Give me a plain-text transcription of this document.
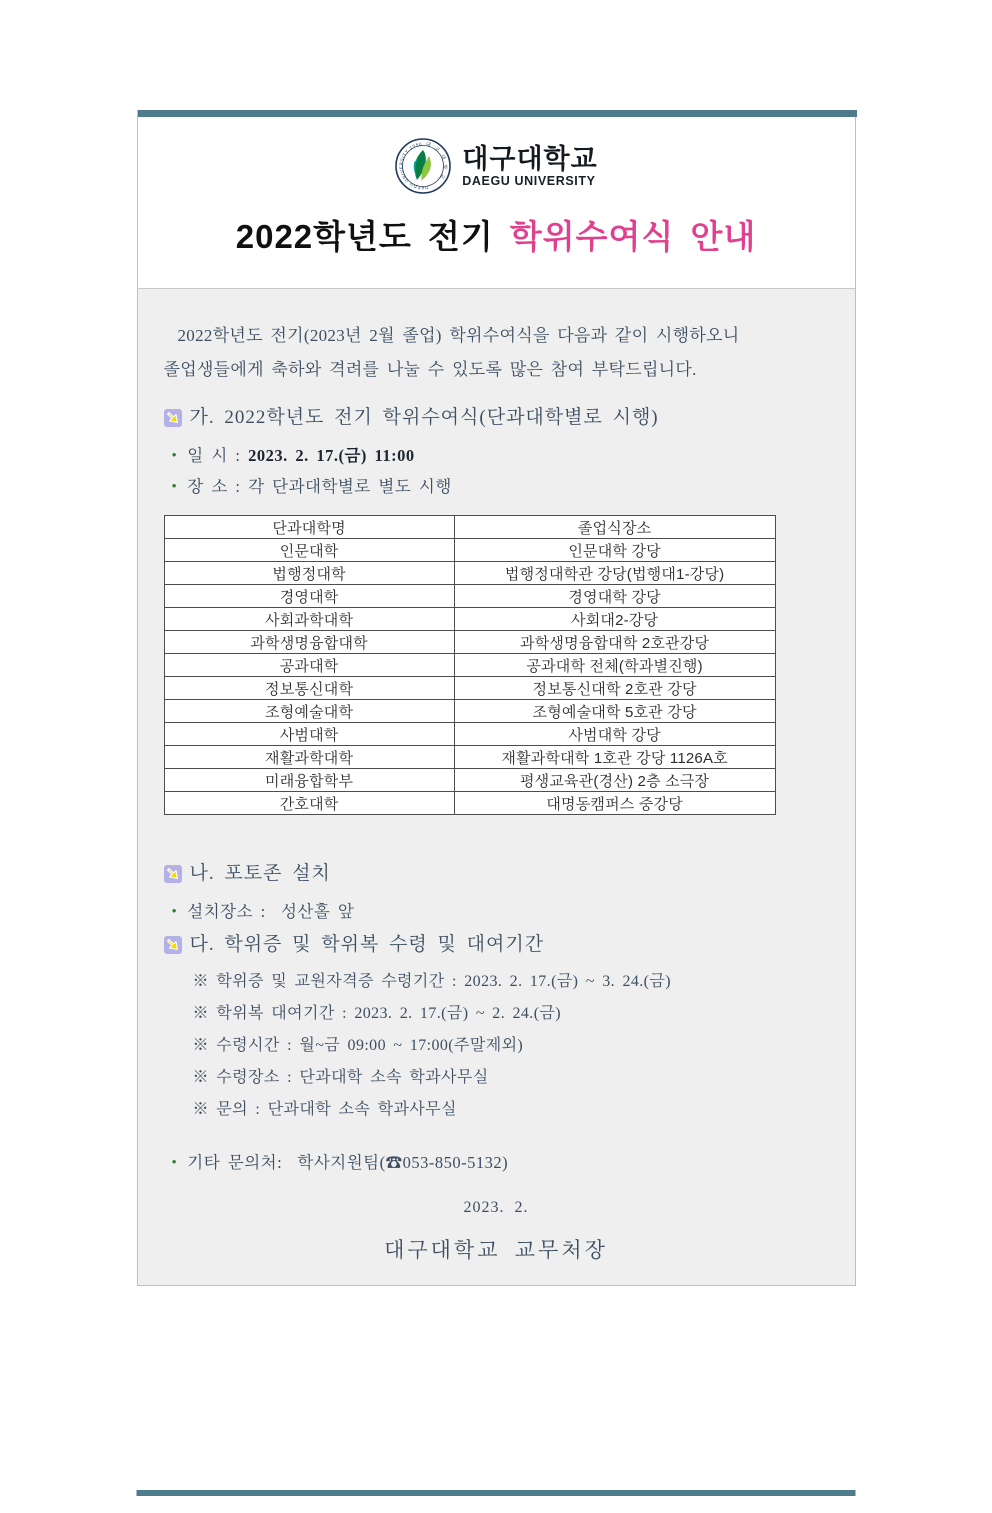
대 구 대 학 교
DAEGU UNIVERSITY 1956 대구대학교
DAEGU UNIVERSITY
2022학년도 전기 학위수여식 안내

2022학년도 전기(2023년 2월 졸업) 학위수여식을 다음과 같이 시행하오니
졸업생들에게 축하와 격려를 나눌 수 있도록 많은 참여 부탁드립니다.

가. 2022학년도 전기 학위수여식(단과대학별로 시행)
• 일 시 : 2023. 2. 17.(금) 11:00
• 장 소 : 각 단과대학별로 별도 시행
단과대학명	졸업식장소
인문대학	인문대학 강당
법행정대학	법행정대학관 강당(법행대1-강당)
경영대학	경영대학 강당
사회과학대학	사회대2-강당
과학생명융합대학	과학생명융합대학 2호관강당
공과대학	공과대학 전체(학과별진행)
정보통신대학	정보통신대학 2호관 강당
조형예술대학	조형예술대학 5호관 강당
사범대학	사범대학 강당
재활과학대학	재활과학대학 1호관 강당 1126A호
미래융합학부	평생교육관(경산) 2층 소극장
간호대학	대명동캠퍼스 중강당
나. 포토존 설치
• 설치장소 :  성산홀 앞
다. 학위증 및 학위복 수령 및 대여기간
※ 학위증 및 교원자격증 수령기간 : 2023. 2. 17.(금) ~ 3. 24.(금)
※ 학위복 대여기간 : 2023. 2. 17.(금) ~ 2. 24.(금)
※ 수령시간 : 월~금 09:00 ~ 17:00(주말제외)
※ 수령장소 : 단과대학 소속 학과사무실
※ 문의 : 단과대학 소속 학과사무실
• 기타 문의처:  학사지원팀(☎053-850-5132)
2023.  2.
대구대학교 교무처장
